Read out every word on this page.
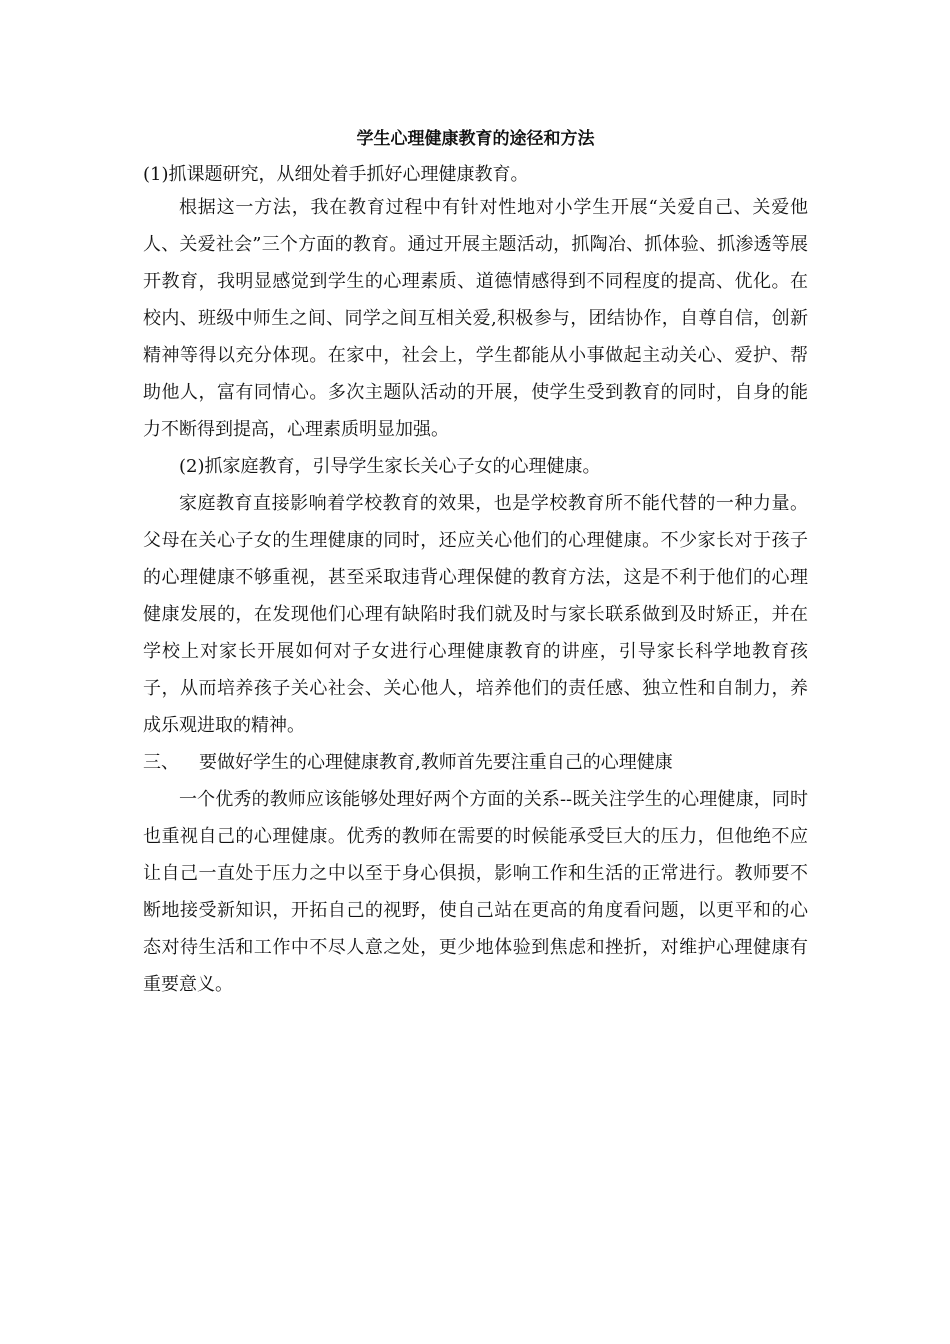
学生心理健康教育的途径和方法

(1)抓课题研究，从细处着手抓好心理健康教育。

根据这一方法，我在教育过程中有针对性地对小学生开展“关爱自己、关爱他人、关爱社会”三个方面的教育。通过开展主题活动，抓陶冶、抓体验、抓渗透等展开教育，我明显感觉到学生的心理素质、道德情感得到不同程度的提高、优化。在校内、班级中师生之间、同学之间互相关爱,积极参与，团结协作，自尊自信，创新精神等得以充分体现。在家中，社会上，学生都能从小事做起主动关心、爱护、帮助他人，富有同情心。多次主题队活动的开展，使学生受到教育的同时，自身的能力不断得到提高，心理素质明显加强。

(2)抓家庭教育，引导学生家长关心子女的心理健康。

家庭教育直接影响着学校教育的效果，也是学校教育所不能代替的一种力量。父母在关心子女的生理健康的同时，还应关心他们的心理健康。不少家长对于孩子的心理健康不够重视，甚至采取违背心理保健的教育方法，这是不利于他们的心理健康发展的，在发现他们心理有缺陷时我们就及时与家长联系做到及时矫正，并在学校上对家长开展如何对子女进行心理健康教育的讲座，引导家长科学地教育孩子，从而培养孩子关心社会、关心他人，培养他们的责任感、独立性和自制力，养成乐观进取的精神。

三、 要做好学生的心理健康教育,教师首先要注重自己的心理健康

一个优秀的教师应该能够处理好两个方面的关系--既关注学生的心理健康，同时也重视自己的心理健康。优秀的教师在需要的时候能承受巨大的压力，但他绝不应让自己一直处于压力之中以至于身心俱损，影响工作和生活的正常进行。教师要不断地接受新知识，开拓自己的视野，使自己站在更高的角度看问题，以更平和的心态对待生活和工作中不尽人意之处，更少地体验到焦虑和挫折，对维护心理健康有重要意义。
